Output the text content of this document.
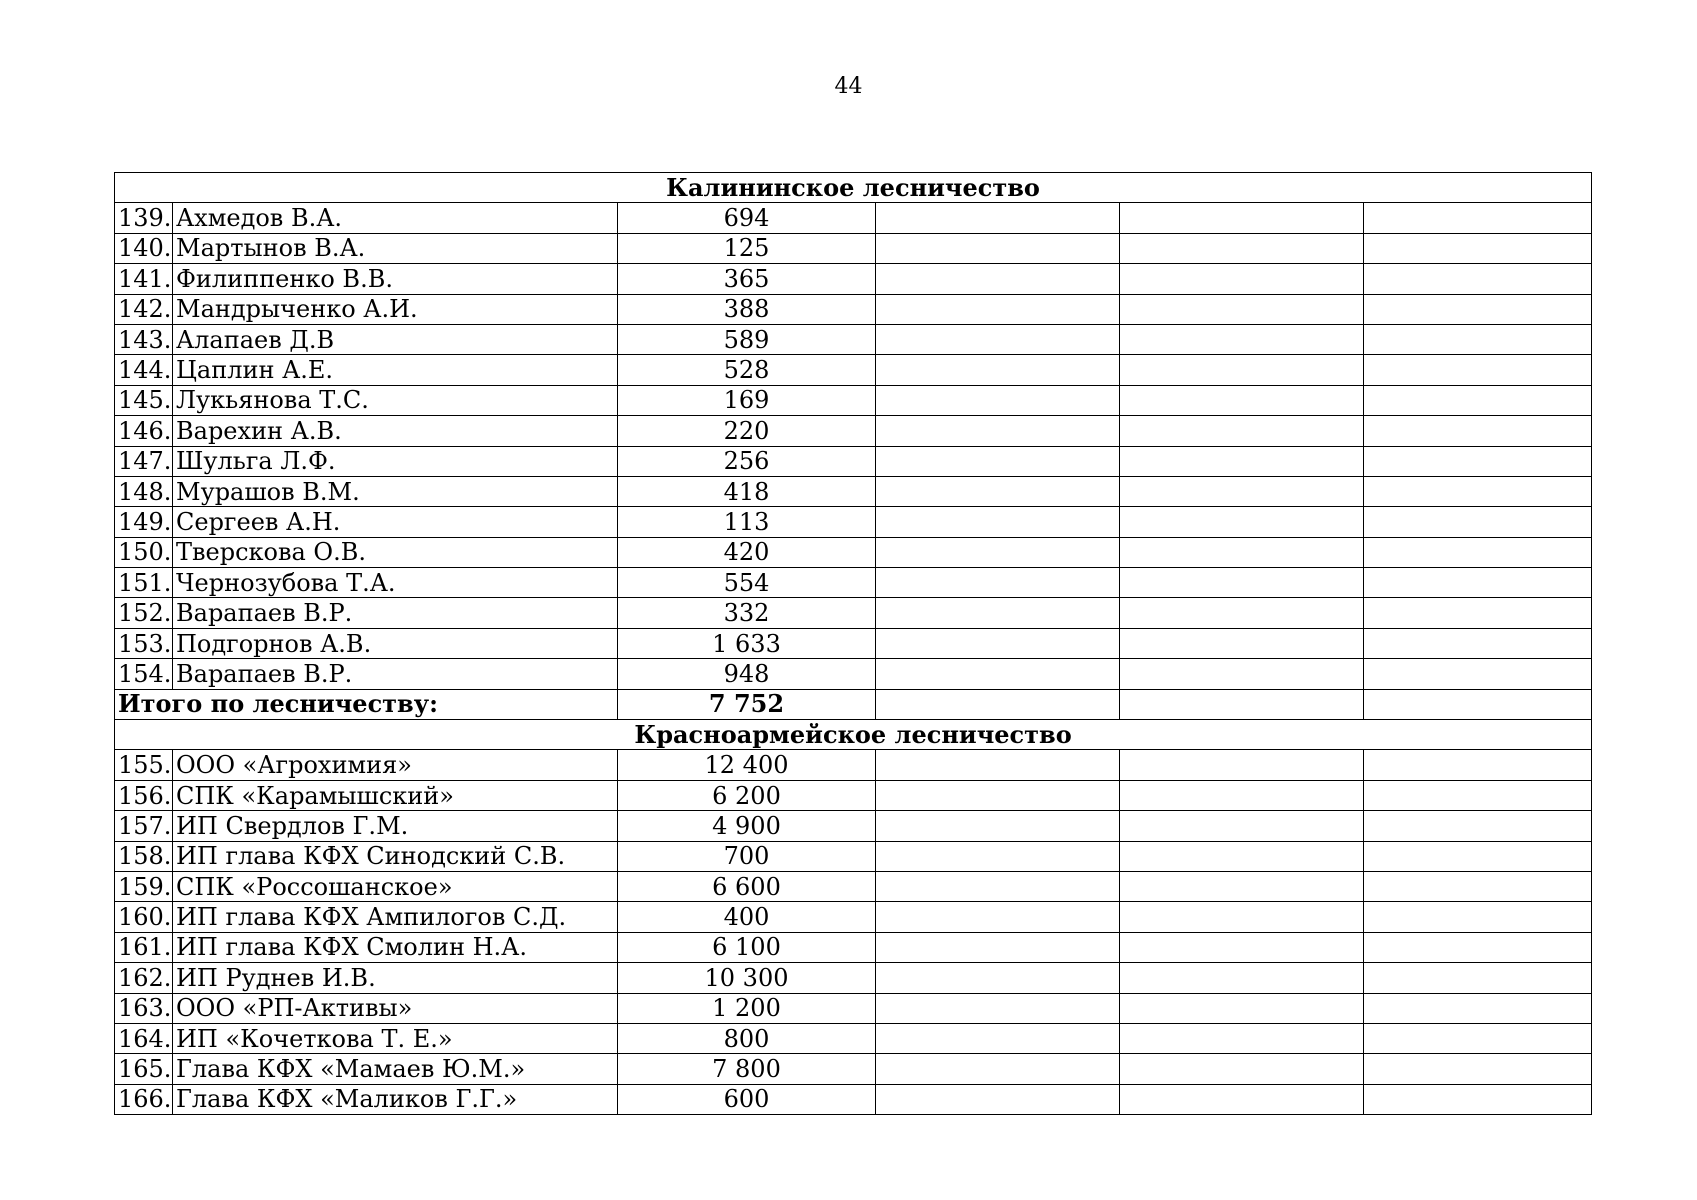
44
Калининское лесничество					
139.	Ахмедов В.А.	694			
140.	Мартынов В.А.	125			
141.	Филиппенко В.В.	365			
142.	Мандрыченко А.И.	388			
143.	Алапаев Д.В	589			
144.	Цаплин А.Е.	528			
145.	Лукьянова Т.С.	169			
146.	Варехин А.В.	220			
147.	Шульга Л.Ф.	256			
148.	Мурашов В.М.	418			
149.	Сергеев А.Н.	113			
150.	Тверскова О.В.	420			
151.	Чернозубова Т.А.	554			
152.	Варапаев В.Р.	332			
153.	Подгорнов А.В.	1 633			
154.	Варапаев В.Р.	948			
Итого по лесничеству:		7 752			
Красноармейское лесничество					
155.	ООО «Агрохимия»	12 400			
156.	СПК «Карамышский»	6 200			
157.	ИП Свердлов Г.М.	4 900			
158.	ИП глава КФХ Синодский С.В.	700			
159.	СПК «Россошанское»	6 600			
160.	ИП глава КФХ Ампилогов С.Д.	400			
161.	ИП глава КФХ Смолин Н.А.	6 100			
162.	ИП Руднев И.В.	10 300			
163.	ООО «РП-Активы»	1 200			
164.	ИП «Кочеткова Т. Е.»	800			
165.	Глава КФХ «Мамаев Ю.М.»	7 800			
166.	Глава КФХ «Маликов Г.Г.»	600			
